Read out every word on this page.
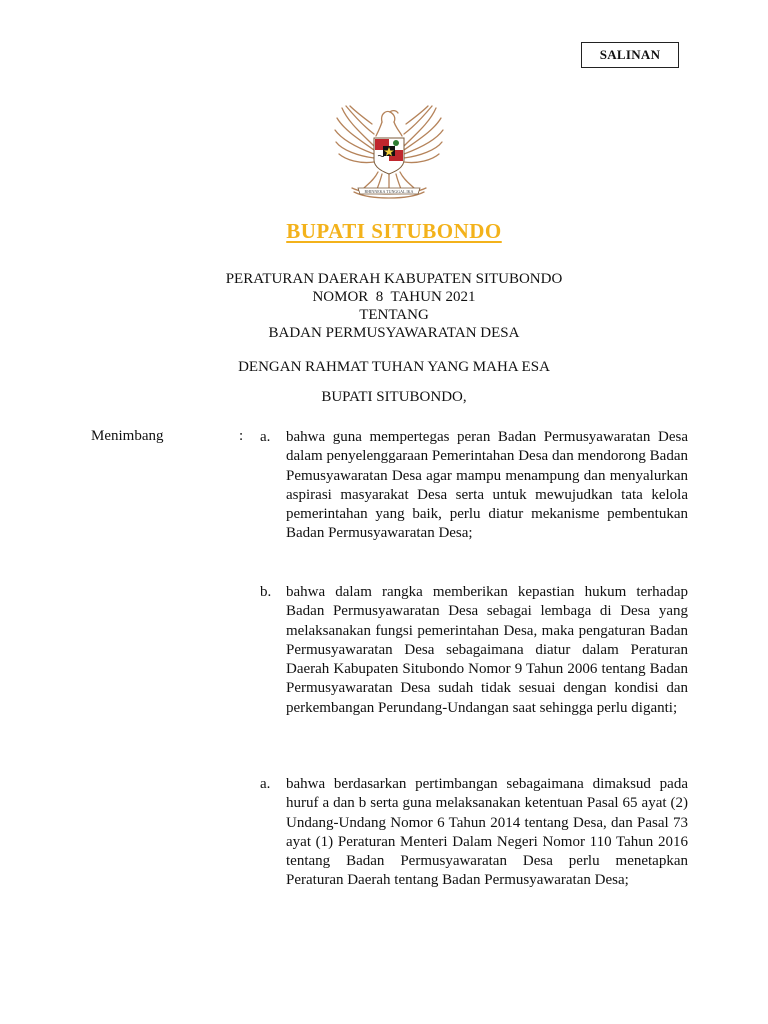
SALINAN
BHINNEKA TUNGGAL IKA
BUPATI SITUBONDO
PERATURAN DAERAH KABUPATEN SITUBONDO
NOMOR  8  TAHUN 2021
TENTANG
BADAN PERMUSYAWARATAN DESA
DENGAN RAHMAT TUHAN YANG MAHA ESA
BUPATI SITUBONDO,
Menimbang	: a. bahwa guna mempertegas peran Badan Permusyawaratan Desa dalam penyelenggaraan Pemerintahan Desa dan mendorong Badan Pemusyawaratan Desa agar mampu menampung dan menyalurkan aspirasi masyarakat Desa serta untuk mewujudkan tata kelola pemerintahan yang baik, perlu diatur mekanisme pembentukan Badan Permusyawaratan Desa;
b. bahwa dalam rangka memberikan kepastian hukum terhadap Badan Permusyawaratan Desa sebagai lembaga di Desa yang melaksanakan fungsi pemerintahan Desa, maka pengaturan Badan Permusyawaratan Desa sebagaimana diatur dalam Peraturan Daerah Kabupaten Situbondo Nomor 9 Tahun 2006 tentang Badan Permusyawaratan Desa sudah tidak sesuai dengan kondisi dan perkembangan Perundang-Undangan saat sehingga perlu diganti;
a. bahwa berdasarkan pertimbangan sebagaimana dimaksud pada huruf a dan b serta guna melaksanakan ketentuan Pasal 65 ayat (2) Undang-Undang Nomor 6 Tahun 2014 tentang Desa, dan Pasal 73 ayat (1) Peraturan Menteri Dalam Negeri Nomor 110 Tahun 2016 tentang Badan Permusyawaratan Desa perlu menetapkan Peraturan Daerah tentang Badan Permusyawaratan Desa;
